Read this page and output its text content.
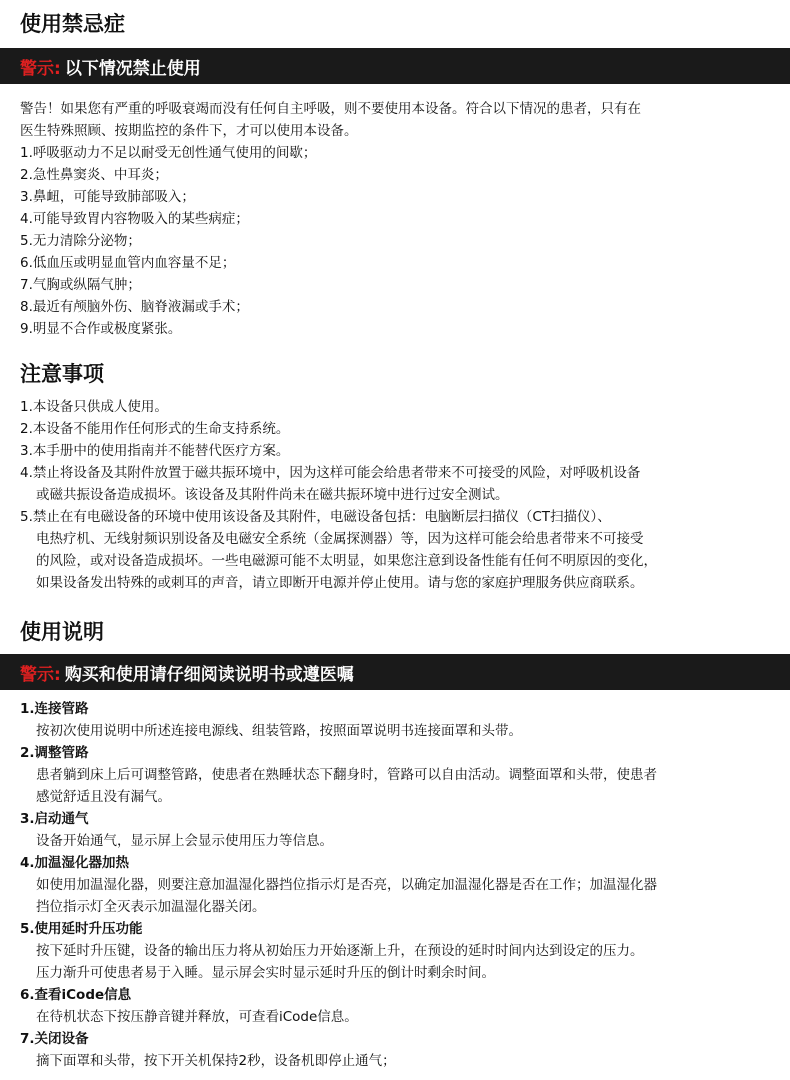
使用禁忌症
警示: 以下情况禁止使用

警告！如果您有严重的呼吸衰竭而没有任何自主呼吸，则不要使用本设备。符合以下情况的患者，只有在

医生特殊照顾、按期监控的条件下，才可以使用本设备。

1.呼吸驱动力不足以耐受无创性通气使用的间歇；

2.急性鼻窦炎、中耳炎；

3.鼻衄，可能导致肺部吸入；

4.可能导致胃内容物吸入的某些病症；

5.无力清除分泌物；

6.低血压或明显血管内血容量不足；

7.气胸或纵隔气肿；

8.最近有颅脑外伤、脑脊液漏或手术；

9.明显不合作或极度紧张。

注意事项

1.本设备只供成人使用。

2.本设备不能用作任何形式的生命支持系统。

3.本手册中的使用指南并不能替代医疗方案。

4.禁止将设备及其附件放置于磁共振环境中，因为这样可能会给患者带来不可接受的风险，对呼吸机设备

或磁共振设备造成损坏。该设备及其附件尚未在磁共振环境中进行过安全测试。

5.禁止在有电磁设备的环境中使用该设备及其附件，电磁设备包括：电脑断层扫描仪（CT扫描仪）、

电热疗机、无线射频识别设备及电磁安全系统（金属探测器）等，因为这样可能会给患者带来不可接受

的风险，或对设备造成损坏。一些电磁源可能不太明显，如果您注意到设备性能有任何不明原因的变化，

如果设备发出特殊的或刺耳的声音，请立即断开电源并停止使用。请与您的家庭护理服务供应商联系。

使用说明
警示: 购买和使用请仔细阅读说明书或遵医嘱

1.连接管路

按初次使用说明中所述连接电源线、组装管路，按照面罩说明书连接面罩和头带。

2.调整管路

患者躺到床上后可调整管路，使患者在熟睡状态下翻身时，管路可以自由活动。调整面罩和头带，使患者

感觉舒适且没有漏气。

3.启动通气

设备开始通气，显示屏上会显示使用压力等信息。

4.加温湿化器加热

如使用加温湿化器，则要注意加温湿化器挡位指示灯是否亮，以确定加温湿化器是否在工作；加温湿化器

挡位指示灯全灭表示加温湿化器关闭。

5.使用延时升压功能

按下延时升压键，设备的输出压力将从初始压力开始逐渐上升，在预设的延时时间内达到设定的压力。

压力渐升可使患者易于入睡。显示屏会实时显示延时升压的倒计时剩余时间。

6.查看iCode信息

在待机状态下按压静音键并释放，可查看iCode信息。

7.关闭设备

摘下面罩和头带，按下开关机保持2秒，设备机即停止通气；
